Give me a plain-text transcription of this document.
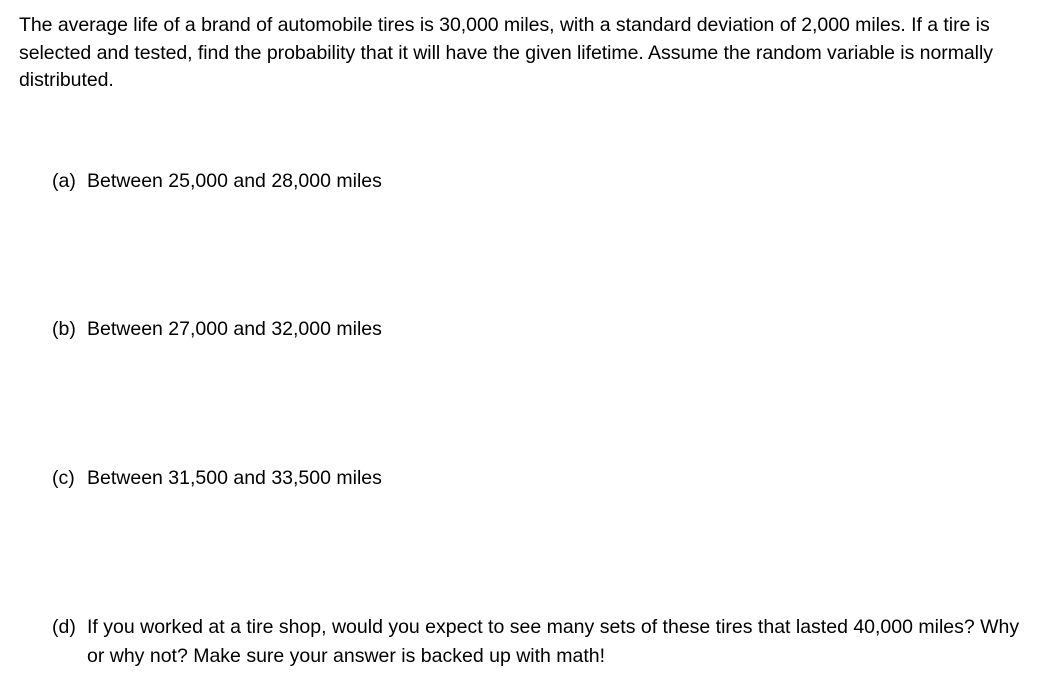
The average life of a brand of automobile tires is 30,000 miles, with a standard deviation of 2,000 miles. If a tire is selected and tested, find the probability that it will have the given lifetime. Assume the random variable is normally distributed.

(a) Between 25,000 and 28,000 miles
(b) Between 27,000 and 32,000 miles
(c) Between 31,500 and 33,500 miles
(d) If you worked at a tire shop, would you expect to see many sets of these tires that lasted 40,000 miles? Why or why not? Make sure your answer is backed up with math!
